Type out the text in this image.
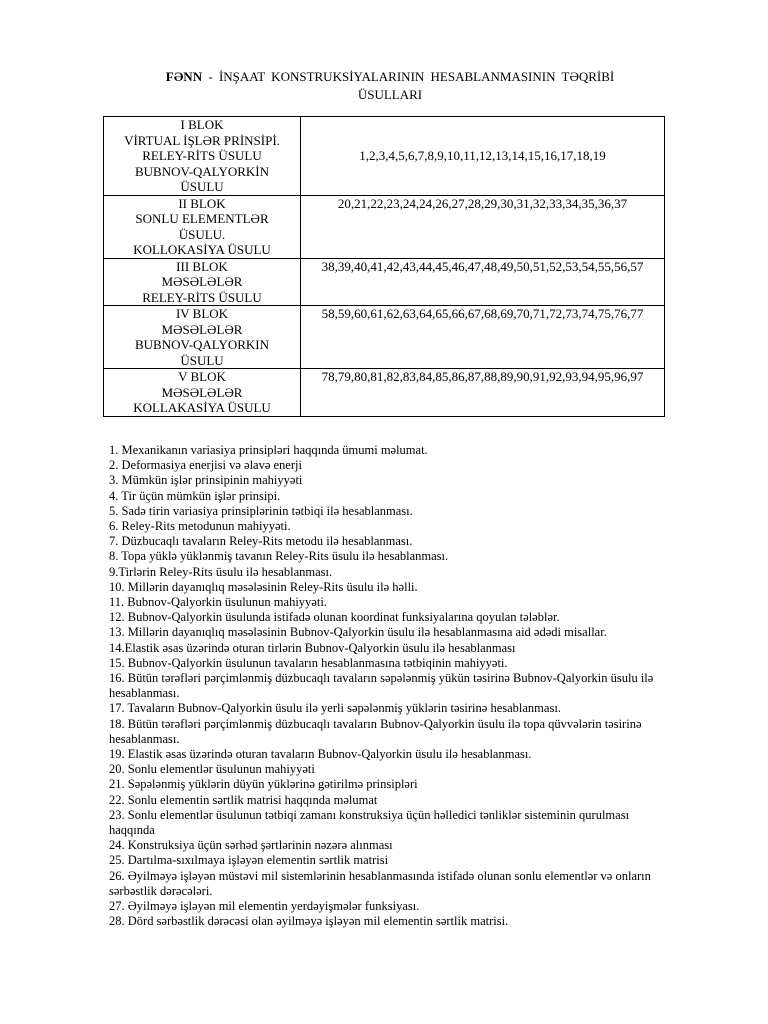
FƏNN - İNŞAAT KONSTRUKSİYALARININ HESABLANMASININ TƏQRİBİ
ÜSULLARI
I BLOK
VİRTUAL İŞLƏR PRİNSİPİ.
RELEY-RİTS ÜSULU
BUBNOV-QALYORKİN
ÜSULU	1,2,3,4,5,6,7,8,9,10,11,12,13,14,15,16,17,18,19

II BLOK
SONLU ELEMENTLƏR
ÜSULU.
KOLLOKASİYA ÜSULU	20,21,22,23,24,24,26,27,28,29,30,31,32,33,34,35,36,37

III BLOK
MƏSƏLƏLƏR
RELEY-RİTS ÜSULU	38,39,40,41,42,43,44,45,46,47,48,49,50,51,52,53,54,55,56,57

IV BLOK
MƏSƏLƏLƏR
BUBNOV-QALYORKIN
ÜSULU	58,59,60,61,62,63,64,65,66,67,68,69,70,71,72,73,74,75,76,77

V BLOK
MƏSƏLƏLƏR
KOLLAKASİYA ÜSULU	78,79,80,81,82,83,84,85,86,87,88,89,90,91,92,93,94,95,96,97
1. Mexanikanın variasiya prinsipləri haqqında ümumi məlumat.
2. Deformasiya enerjisi və əlavə enerji
3. Mümkün işlər prinsipinin mahiyyəti
4. Tir üçün mümkün işlər prinsipi.
5. Sadə tirin variasiya prinsiplərinin tətbiqi ilə hesablanması.
6. Reley-Rits metodunun mahiyyəti.
7. Düzbucaqlı tavaların Reley-Rits metodu ilə hesablanması.
8. Topa yüklə yüklənmiş tavanın Reley-Rits üsulu ilə hesablanması.
9.Tirlərin Reley-Rits üsulu ilə hesablanması.
10. Millərin dayanıqlıq məsələsinin Reley-Rits üsulu ilə həlli.
11. Bubnov-Qalyorkin üsulunun mahiyyəti.
12. Bubnov-Qalyorkin üsulunda istifadə olunan koordinat funksiyalarına qoyulan tələblər.
13. Millərin dayanıqlıq məsələsinin Bubnov-Qalyorkin üsulu ilə hesablanmasına aid ədədi misallar.
14.Elastik əsas üzərində oturan tirlərin Bubnov-Qalyorkin üsulu ilə hesablanması
15. Bubnov-Qalyorkin üsulunun tavaların hesablanmasına tətbiqinin mahiyyəti.
16. Bütün tərəfləri pərçimlənmiş düzbucaqlı tavaların səpələnmiş yükün təsirinə Bubnov-Qalyorkin üsulu ilə hesablanması.
17. Tavaların Bubnov-Qalyorkin üsulu ilə yerli səpələnmiş yüklərin təsirinə hesablanması.
18. Bütün tərəfləri pərçimlənmiş düzbucaqlı tavaların Bubnov-Qalyorkin üsulu ilə topa qüvvələrin təsirinə hesablanması.
19. Elastik əsas üzərində oturan tavaların Bubnov-Qalyorkin üsulu ilə hesablanması.
20. Sonlu elementlər üsulunun mahiyyəti
21. Səpələnmiş yüklərin düyün yüklərinə gətirilmə prinsipləri
22. Sonlu elementin sərtlik matrisi haqqında məlumat
23. Sonlu elementlər üsulunun tətbiqi zamanı konstruksiya üçün həlledici tənliklər sisteminin qurulması haqqında
24. Konstruksiya üçün sərhəd şərtlərinin nəzərə alınması
25. Dartılma-sıxılmaya işləyən elementin sərtlik matrisi
26. Əyilməyə işləyən müstəvi mil sistemlərinin hesablanmasında istifadə olunan sonlu elementlər və onların sərbəstlik dərəcələri.
27. Əyilməyə işləyən mil elementin yerdəyişmələr funksiyası.
28. Dörd sərbəstlik dərəcəsi olan əyilməyə işləyən mil elementin sərtlik matrisi.
